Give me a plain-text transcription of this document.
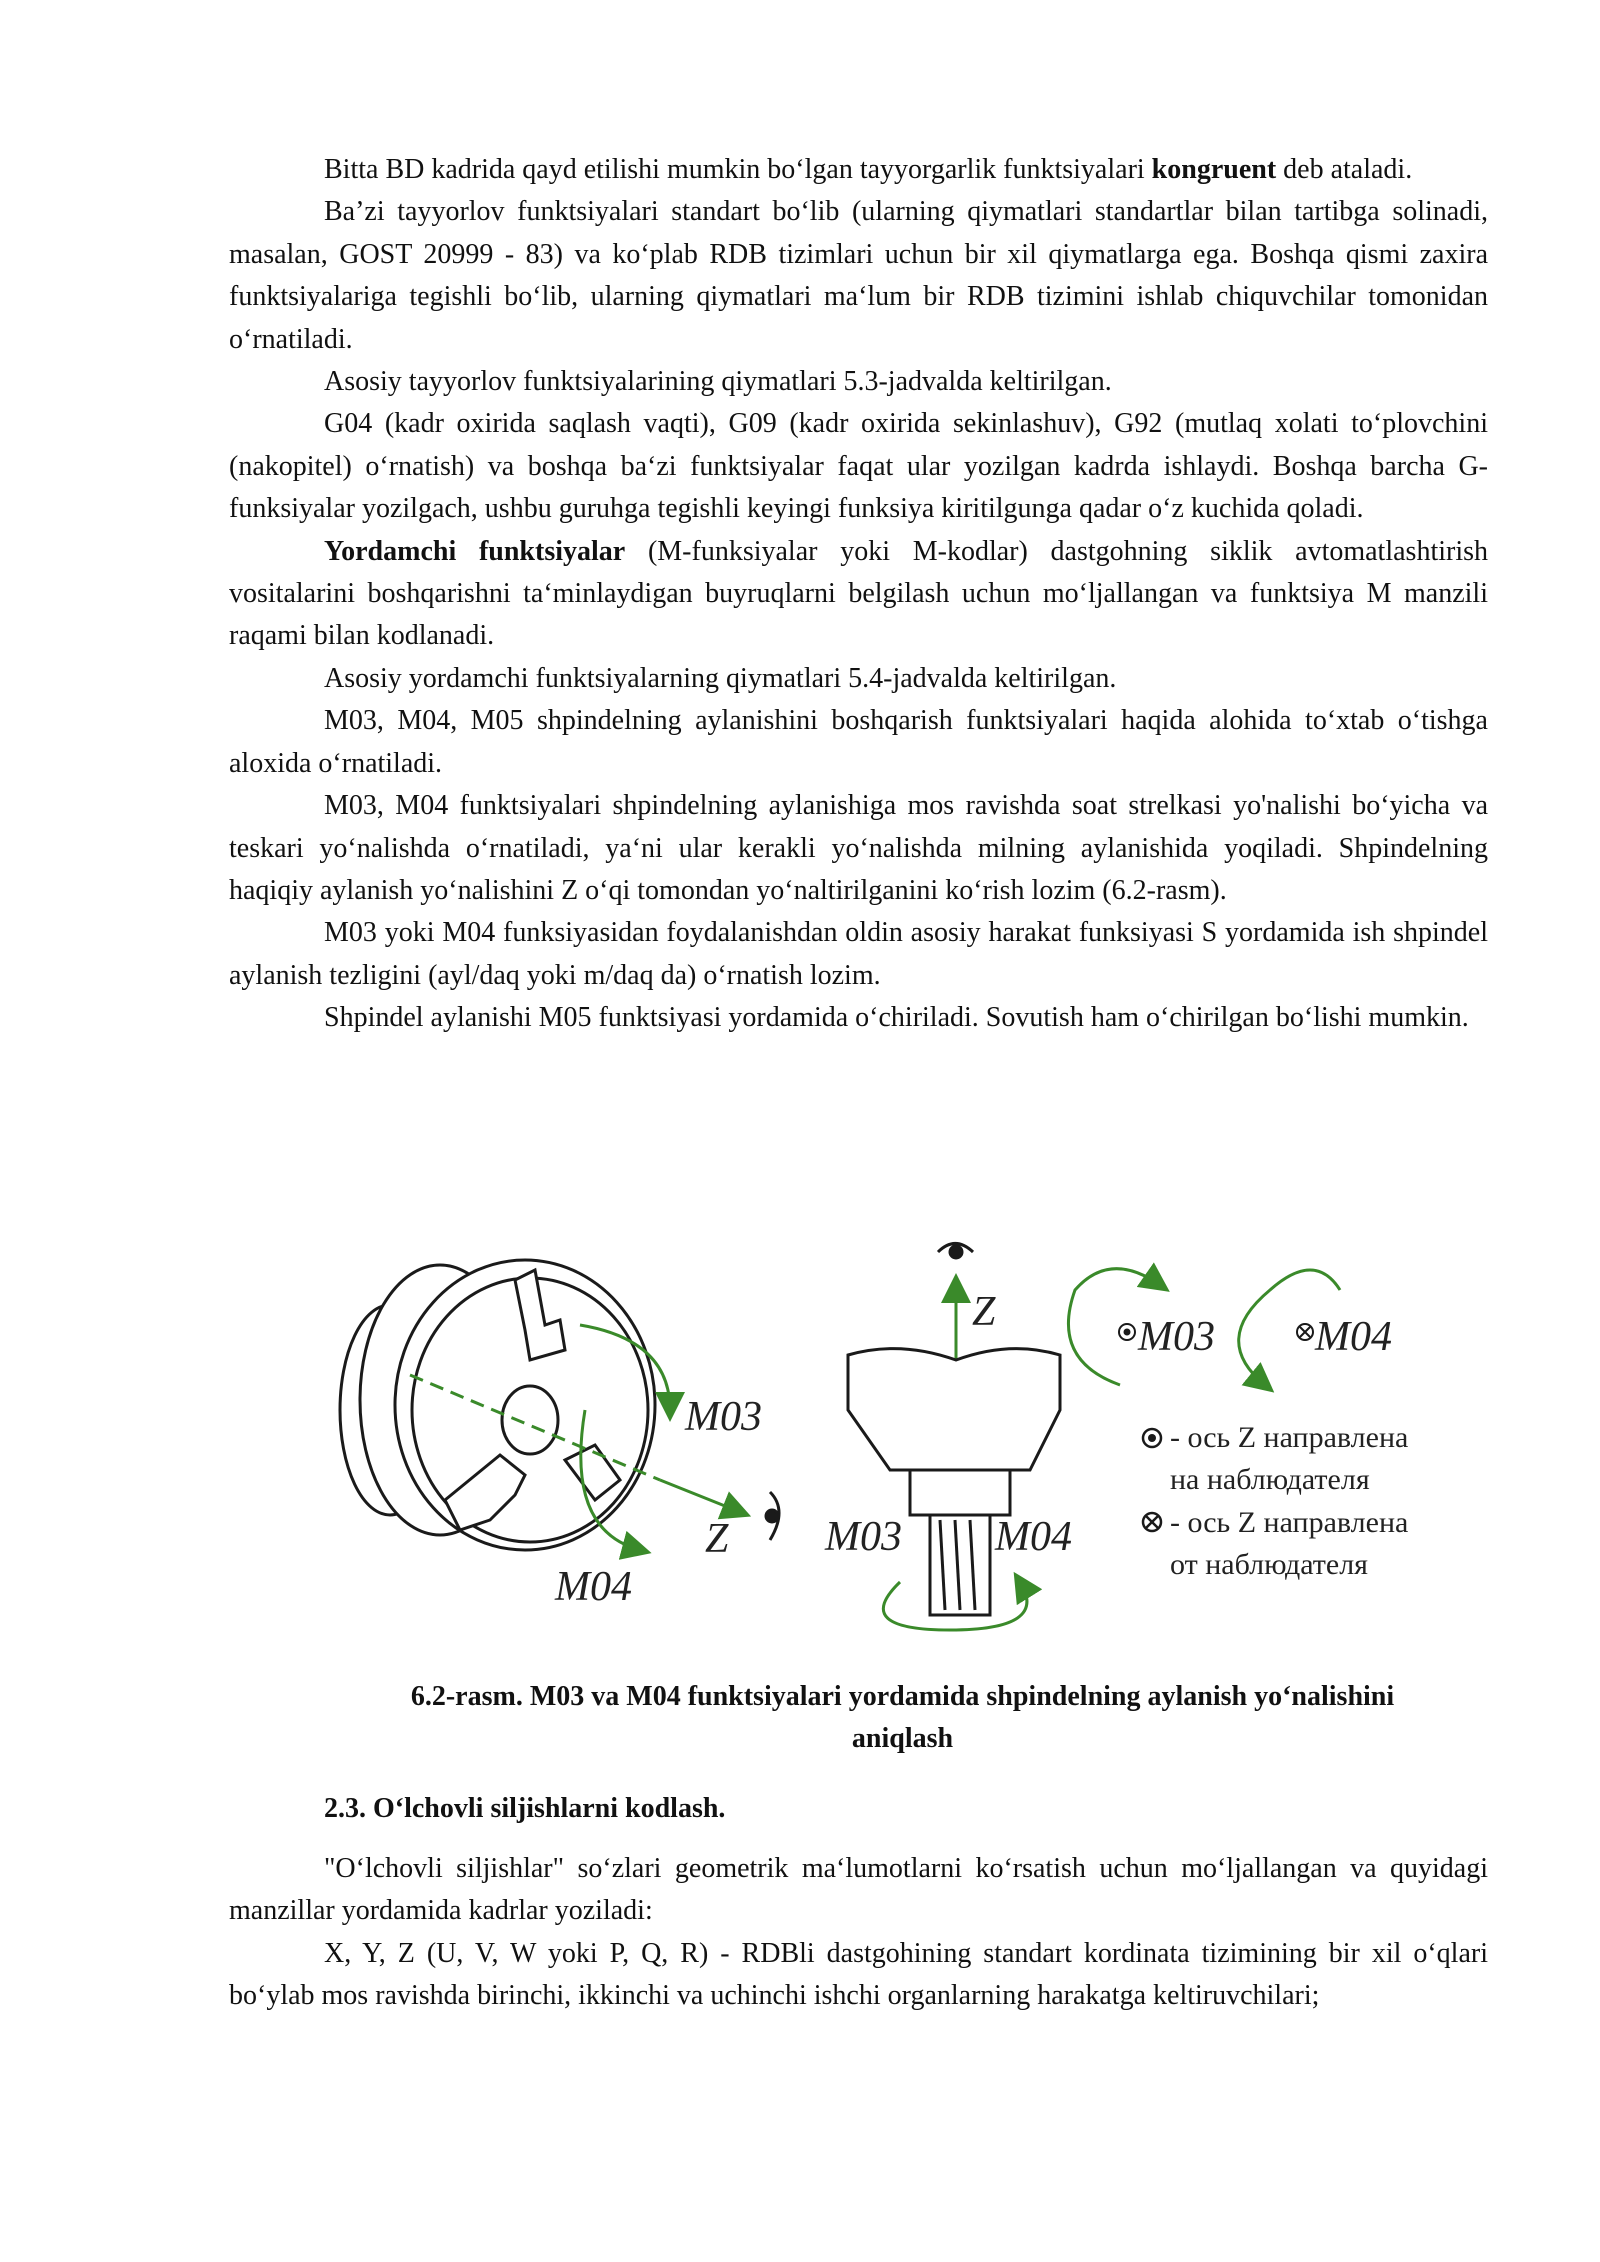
Bitta BD kadrida qayd etilishi mumkin bo‘lgan tayyorgarlik funktsiyalari kongruent deb ataladi.

Ba’zi tayyorlov funktsiyalari standart bo‘lib (ularning qiymatlari standartlar bilan tartibga solinadi, masalan, GOST 20999 - 83) va ko‘plab RDB tizimlari uchun bir xil qiymatlarga ega. Boshqa qismi zaxira funktsiyalariga tegishli bo‘lib, ularning qiymatlari ma‘lum bir RDB tizimini ishlab chiquvchilar tomonidan o‘rnatiladi.

Asosiy tayyorlov funktsiyalarining qiymatlari 5.3-jadvalda keltirilgan.

G04 (kadr oxirida saqlash vaqti), G09 (kadr oxirida sekinlashuv), G92 (mutlaq xolati to‘plovchini (nakopitel) o‘rnatish) va boshqa ba‘zi funktsiyalar faqat ular yozilgan kadrda ishlaydi. Boshqa barcha G-funksiyalar yozilgach, ushbu guruhga tegishli keyingi funksiya kiritilgunga qadar o‘z kuchida qoladi.

Yordamchi funktsiyalar (M-funksiyalar yoki M-kodlar) dastgohning siklik avtomatlashtirish vositalarini boshqarishni ta‘minlaydigan buyruqlarni belgilash uchun mo‘ljallangan va funktsiya M manzili raqami bilan kodlanadi.

Asosiy yordamchi funktsiyalarning qiymatlari 5.4-jadvalda keltirilgan.

M03, M04, M05 shpindelning aylanishini boshqarish funktsiyalari haqida alohida to‘xtab o‘tishga aloxida o‘rnatiladi.

M03, M04 funktsiyalari shpindelning aylanishiga mos ravishda soat strelkasi yo'nalishi bo‘yicha va teskari yo‘nalishda o‘rnatiladi, ya‘ni ular kerakli yo‘nalishda milning aylanishida yoqiladi. Shpindelning haqiqiy aylanish yo‘nalishini Z o‘qi tomondan yo‘naltirilganini ko‘rish lozim (6.2-rasm).

M03 yoki M04 funksiyasidan foydalanishdan oldin asosiy harakat funksiyasi S yordamida ish shpindel aylanish tezligini (ayl/daq yoki m/daq da) o‘rnatish lozim.

Shpindel aylanishi M05 funktsiyasi yordamida o‘chiriladi. Sovutish ham o‘chirilgan bo‘lishi mumkin.

M03
M04
Z
Z
M03 M04
M03 M04
- ось Z направлена
на наблюдателя
- ось Z направлена
от наблюдателя
6.2-rasm. M03 va M04 funktsiyalari yordamida shpindelning aylanish yo‘nalishini
aniqlash
2.3. O‘lchovli siljishlarni kodlash.

"O‘lchovli siljishlar" so‘zlari geometrik ma‘lumotlarni ko‘rsatish uchun mo‘ljallangan va quyidagi manzillar yordamida kadrlar yoziladi:

X, Y, Z (U, V, W yoki P, Q, R) - RDBli dastgohining standart kordinata tizimining bir xil o‘qlari bo‘ylab mos ravishda birinchi, ikkinchi va uchinchi ishchi organlarning harakatga keltiruvchilari;
